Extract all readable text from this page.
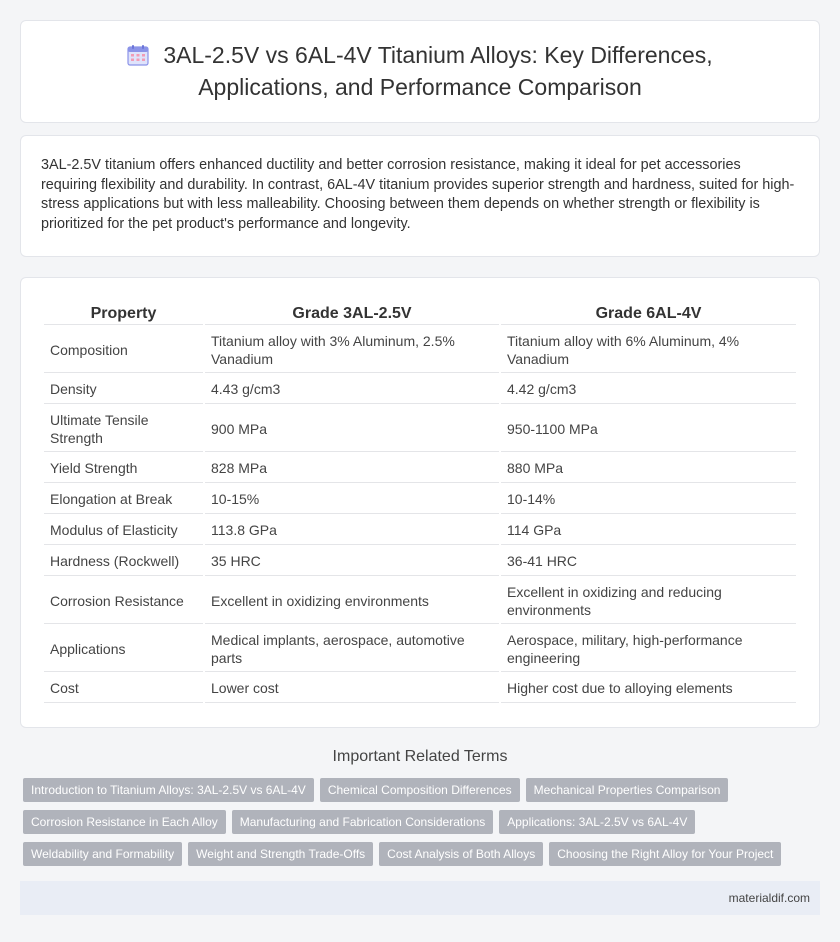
3AL-2.5V vs 6AL-4V Titanium Alloys: Key Differences, Applications, and Performance Comparison

3AL-2.5V titanium offers enhanced ductility and better corrosion resistance, making it ideal for pet accessories requiring flexibility and durability. In contrast, 6AL-4V titanium provides superior strength and hardness, suited for high-stress applications but with less malleability. Choosing between them depends on whether strength or flexibility is prioritized for the pet product's performance and longevity.

Property	Grade 3AL-2.5V	Grade 6AL-4V
Composition	Titanium alloy with 3% Aluminum, 2.5% Vanadium	Titanium alloy with 6% Aluminum, 4% Vanadium
Density	4.43 g/cm3	4.42 g/cm3
Ultimate Tensile Strength	900 MPa	950-1100 MPa
Yield Strength	828 MPa	880 MPa
Elongation at Break	10-15%	10-14%
Modulus of Elasticity	113.8 GPa	114 GPa
Hardness (Rockwell)	35 HRC	36-41 HRC
Corrosion Resistance	Excellent in oxidizing environments	Excellent in oxidizing and reducing environments
Applications	Medical implants, aerospace, automotive parts	Aerospace, military, high-performance engineering
Cost	Lower cost	Higher cost due to alloying elements
Important Related Terms
Introduction to Titanium Alloys: 3AL-2.5V vs 6AL-4V	Chemical Composition Differences	Mechanical Properties Comparison
Corrosion Resistance in Each Alloy	Manufacturing and Fabrication Considerations	Applications: 3AL-2.5V vs 6AL-4V
Weldability and Formability	Weight and Strength Trade-Offs	Cost Analysis of Both Alloys	Choosing the Right Alloy for Your Project
materialdif.com
